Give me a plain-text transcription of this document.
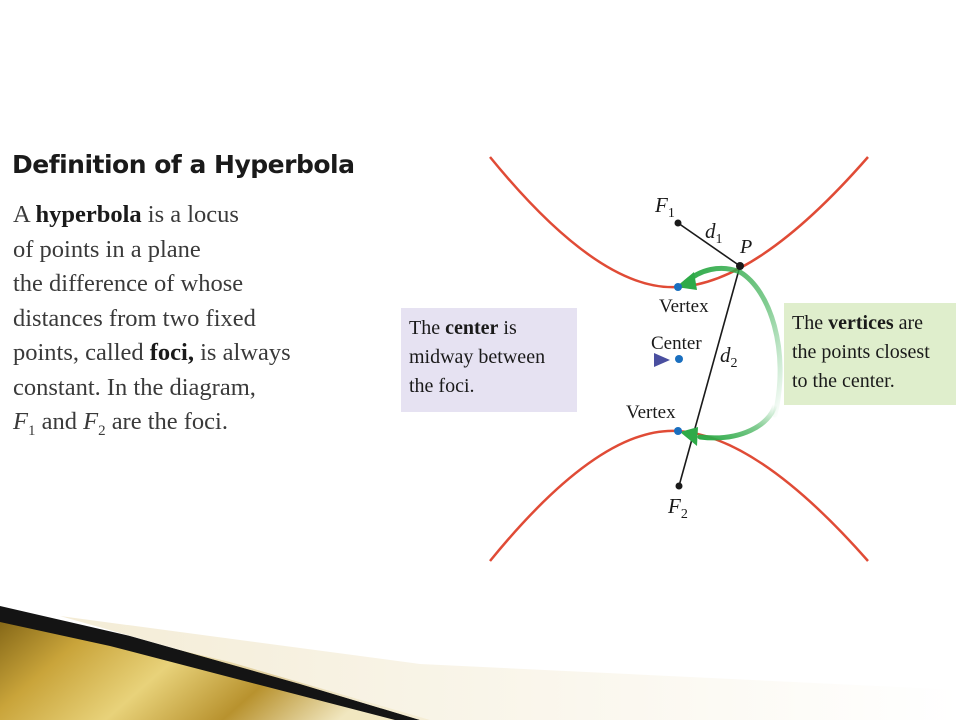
Definition of a Hyperbola
A hyperbola is a locus
of points in a plane
the difference of whose
distances from two fixed
points, called foci, is always
constant. In the diagram,
$F_1$ and $F_2$ are the foci.
The center is
midway between
the foci.
The vertices are
the points closest
to the center.
$F_1$
$d_1$ P
Vertex
Center $d_2$
Vertex
$F_2$
